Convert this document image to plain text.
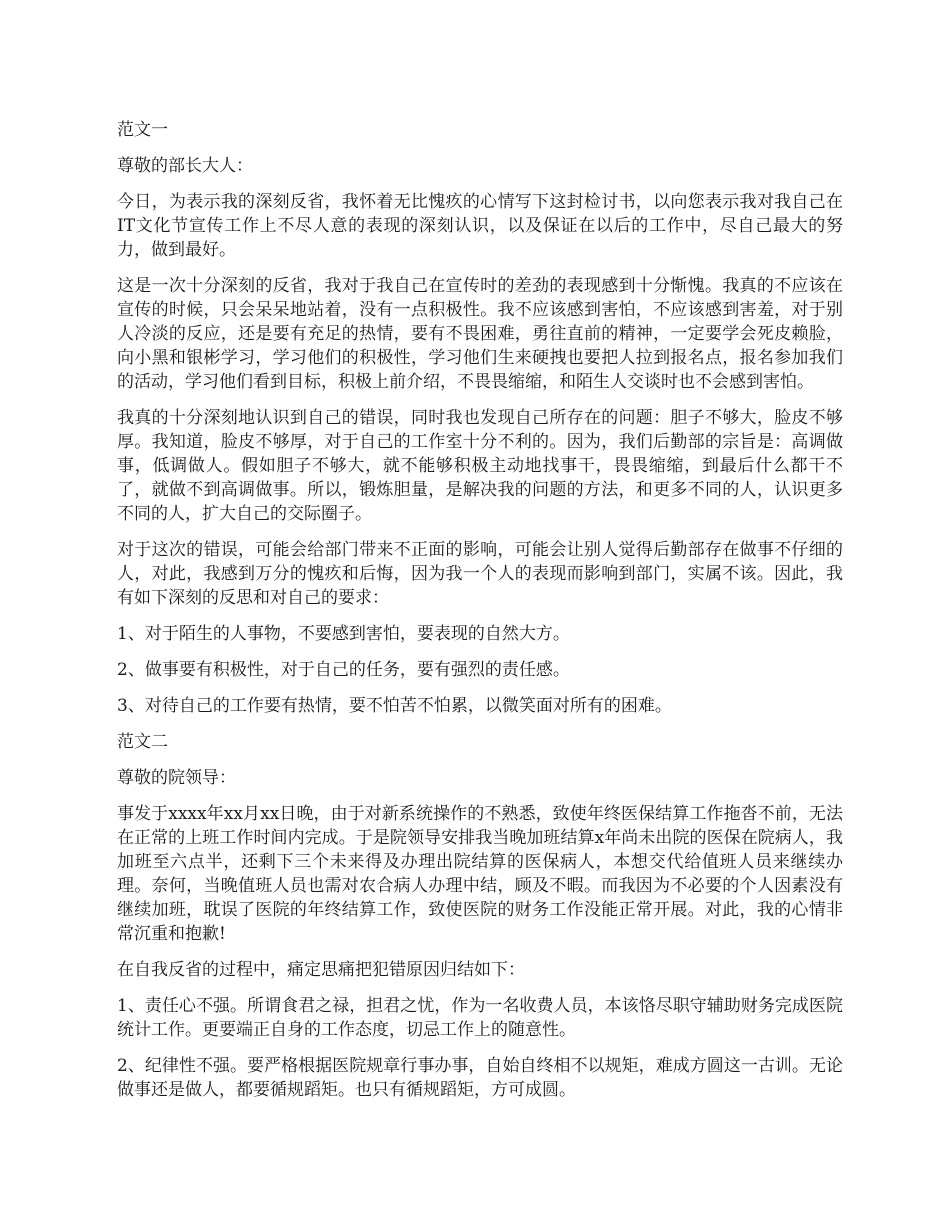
范文一

尊敬的部长大人：

今日，为表示我的深刻反省，我怀着无比愧疚的心情写下这封检讨书，以向您表示我对我自己在IT文化节宣传工作上不尽人意的表现的深刻认识，以及保证在以后的工作中，尽自己最大的努力，做到最好。

这是一次十分深刻的反省，我对于我自己在宣传时的差劲的表现感到十分惭愧。我真的不应该在宣传的时候，只会呆呆地站着，没有一点积极性。我不应该感到害怕，不应该感到害羞，对于别人冷淡的反应，还是要有充足的热情，要有不畏困难，勇往直前的精神，一定要学会死皮赖脸，向小黑和银彬学习，学习他们的积极性，学习他们生来硬拽也要把人拉到报名点，报名参加我们的活动，学习他们看到目标，积极上前介绍，不畏畏缩缩，和陌生人交谈时也不会感到害怕。

我真的十分深刻地认识到自己的错误，同时我也发现自己所存在的问题：胆子不够大，脸皮不够厚。我知道，脸皮不够厚，对于自己的工作室十分不利的。因为，我们后勤部的宗旨是：高调做事，低调做人。假如胆子不够大，就不能够积极主动地找事干，畏畏缩缩，到最后什么都干不了，就做不到高调做事。所以，锻炼胆量，是解决我的问题的方法，和更多不同的人，认识更多不同的人，扩大自己的交际圈子。

对于这次的错误，可能会给部门带来不正面的影响，可能会让别人觉得后勤部存在做事不仔细的人，对此，我感到万分的愧疚和后悔，因为我一个人的表现而影响到部门，实属不该。因此，我有如下深刻的反思和对自己的要求：

1、对于陌生的人事物，不要感到害怕，要表现的自然大方。

2、做事要有积极性，对于自己的任务，要有强烈的责任感。

3、对待自己的工作要有热情，要不怕苦不怕累，以微笑面对所有的困难。

范文二

尊敬的院领导：

事发于xxxx年xx月xx日晚，由于对新系统操作的不熟悉，致使年终医保结算工作拖沓不前，无法在正常的上班工作时间内完成。于是院领导安排我当晚加班结算x年尚未出院的医保在院病人，我加班至六点半，还剩下三个未来得及办理出院结算的医保病人，本想交代给值班人员来继续办理。奈何，当晚值班人员也需对农合病人办理中结，顾及不暇。而我因为不必要的个人因素没有继续加班，耽误了医院的年终结算工作，致使医院的财务工作没能正常开展。对此，我的心情非常沉重和抱歉!

在自我反省的过程中，痛定思痛把犯错原因归结如下：

1、责任心不强。所谓食君之禄，担君之忧，作为一名收费人员，本该恪尽职守辅助财务完成医院统计工作。更要端正自身的工作态度，切忌工作上的随意性。

2、纪律性不强。要严格根据医院规章行事办事，自始自终相不以规矩，难成方圆这一古训。无论做事还是做人，都要循规蹈矩。也只有循规蹈矩，方可成圆。
